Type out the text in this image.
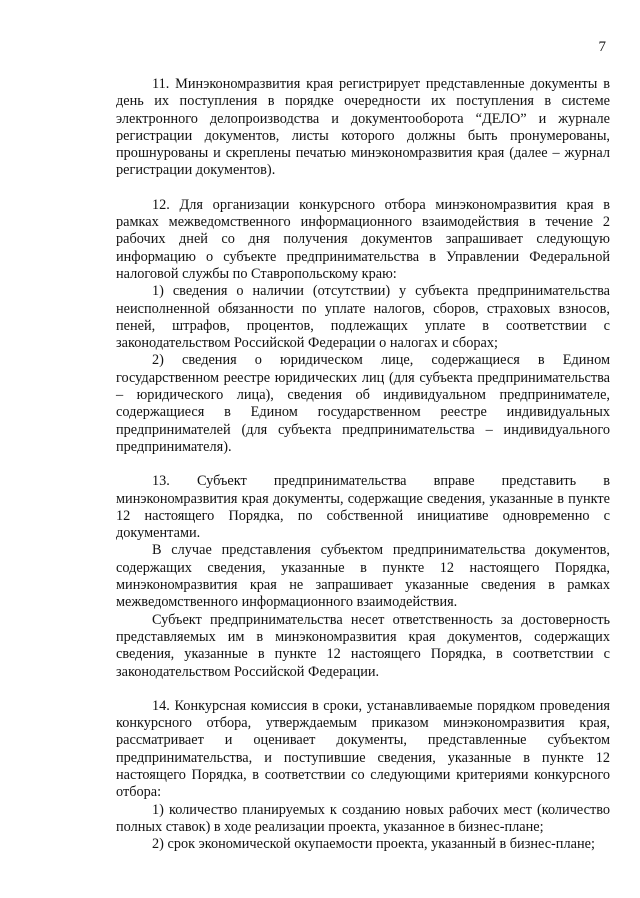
7

11. Минэкономразвития края регистрирует представленные документы в день их поступления в порядке очередности их поступления в системе электронного делопроизводства и документооборота “ДЕЛО” и журнале регистрации документов, листы которого должны быть пронумерованы, прошнурованы и скреплены печатью минэкономразвития края (далее – журнал регистрации документов).

12. Для организации конкурсного отбора минэкономразвития края в рамках межведомственного информационного взаимодействия в течение 2 рабочих дней со дня получения документов запрашивает следующую информацию о субъекте предпринимательства в Управлении Федеральной налоговой службы по Ставропольскому краю:

1) сведения о наличии (отсутствии) у субъекта предпринимательства неисполненной обязанности по уплате налогов, сборов, страховых взносов, пеней, штрафов, процентов, подлежащих уплате в соответствии с законодательством Российской Федерации о налогах и сборах;

2) сведения о юридическом лице, содержащиеся в Едином государственном реестре юридических лиц (для субъекта предпринимательства – юридического лица), сведения об индивидуальном предпринимателе, содержащиеся в Едином государственном реестре индивидуальных предпринимателей (для субъекта предпринимательства – индивидуального предпринимателя).

13. Субъект предпринимательства вправе представить в минэкономразвития края документы, содержащие сведения, указанные в пункте 12 настоящего Порядка, по собственной инициативе одновременно с документами.

В случае представления субъектом предпринимательства документов, содержащих сведения, указанные в пункте 12 настоящего Порядка, минэкономразвития края не запрашивает указанные сведения в рамках межведомственного информационного взаимодействия.

Субъект предпринимательства несет ответственность за достоверность представляемых им в минэкономразвития края документов, содержащих сведения, указанные в пункте 12 настоящего Порядка, в соответствии с законодательством Российской Федерации.

14. Конкурсная комиссия в сроки, устанавливаемые порядком проведения конкурсного отбора, утверждаемым приказом минэкономразвития края, рассматривает и оценивает документы, представленные субъектом предпринимательства, и поступившие сведения, указанные в пункте 12 настоящего Порядка, в соответствии со следующими критериями конкурсного отбора:

1) количество планируемых к созданию новых рабочих мест (количество полных ставок) в ходе реализации проекта, указанное в бизнес-плане;

2) срок экономической окупаемости проекта, указанный в бизнес-плане;
